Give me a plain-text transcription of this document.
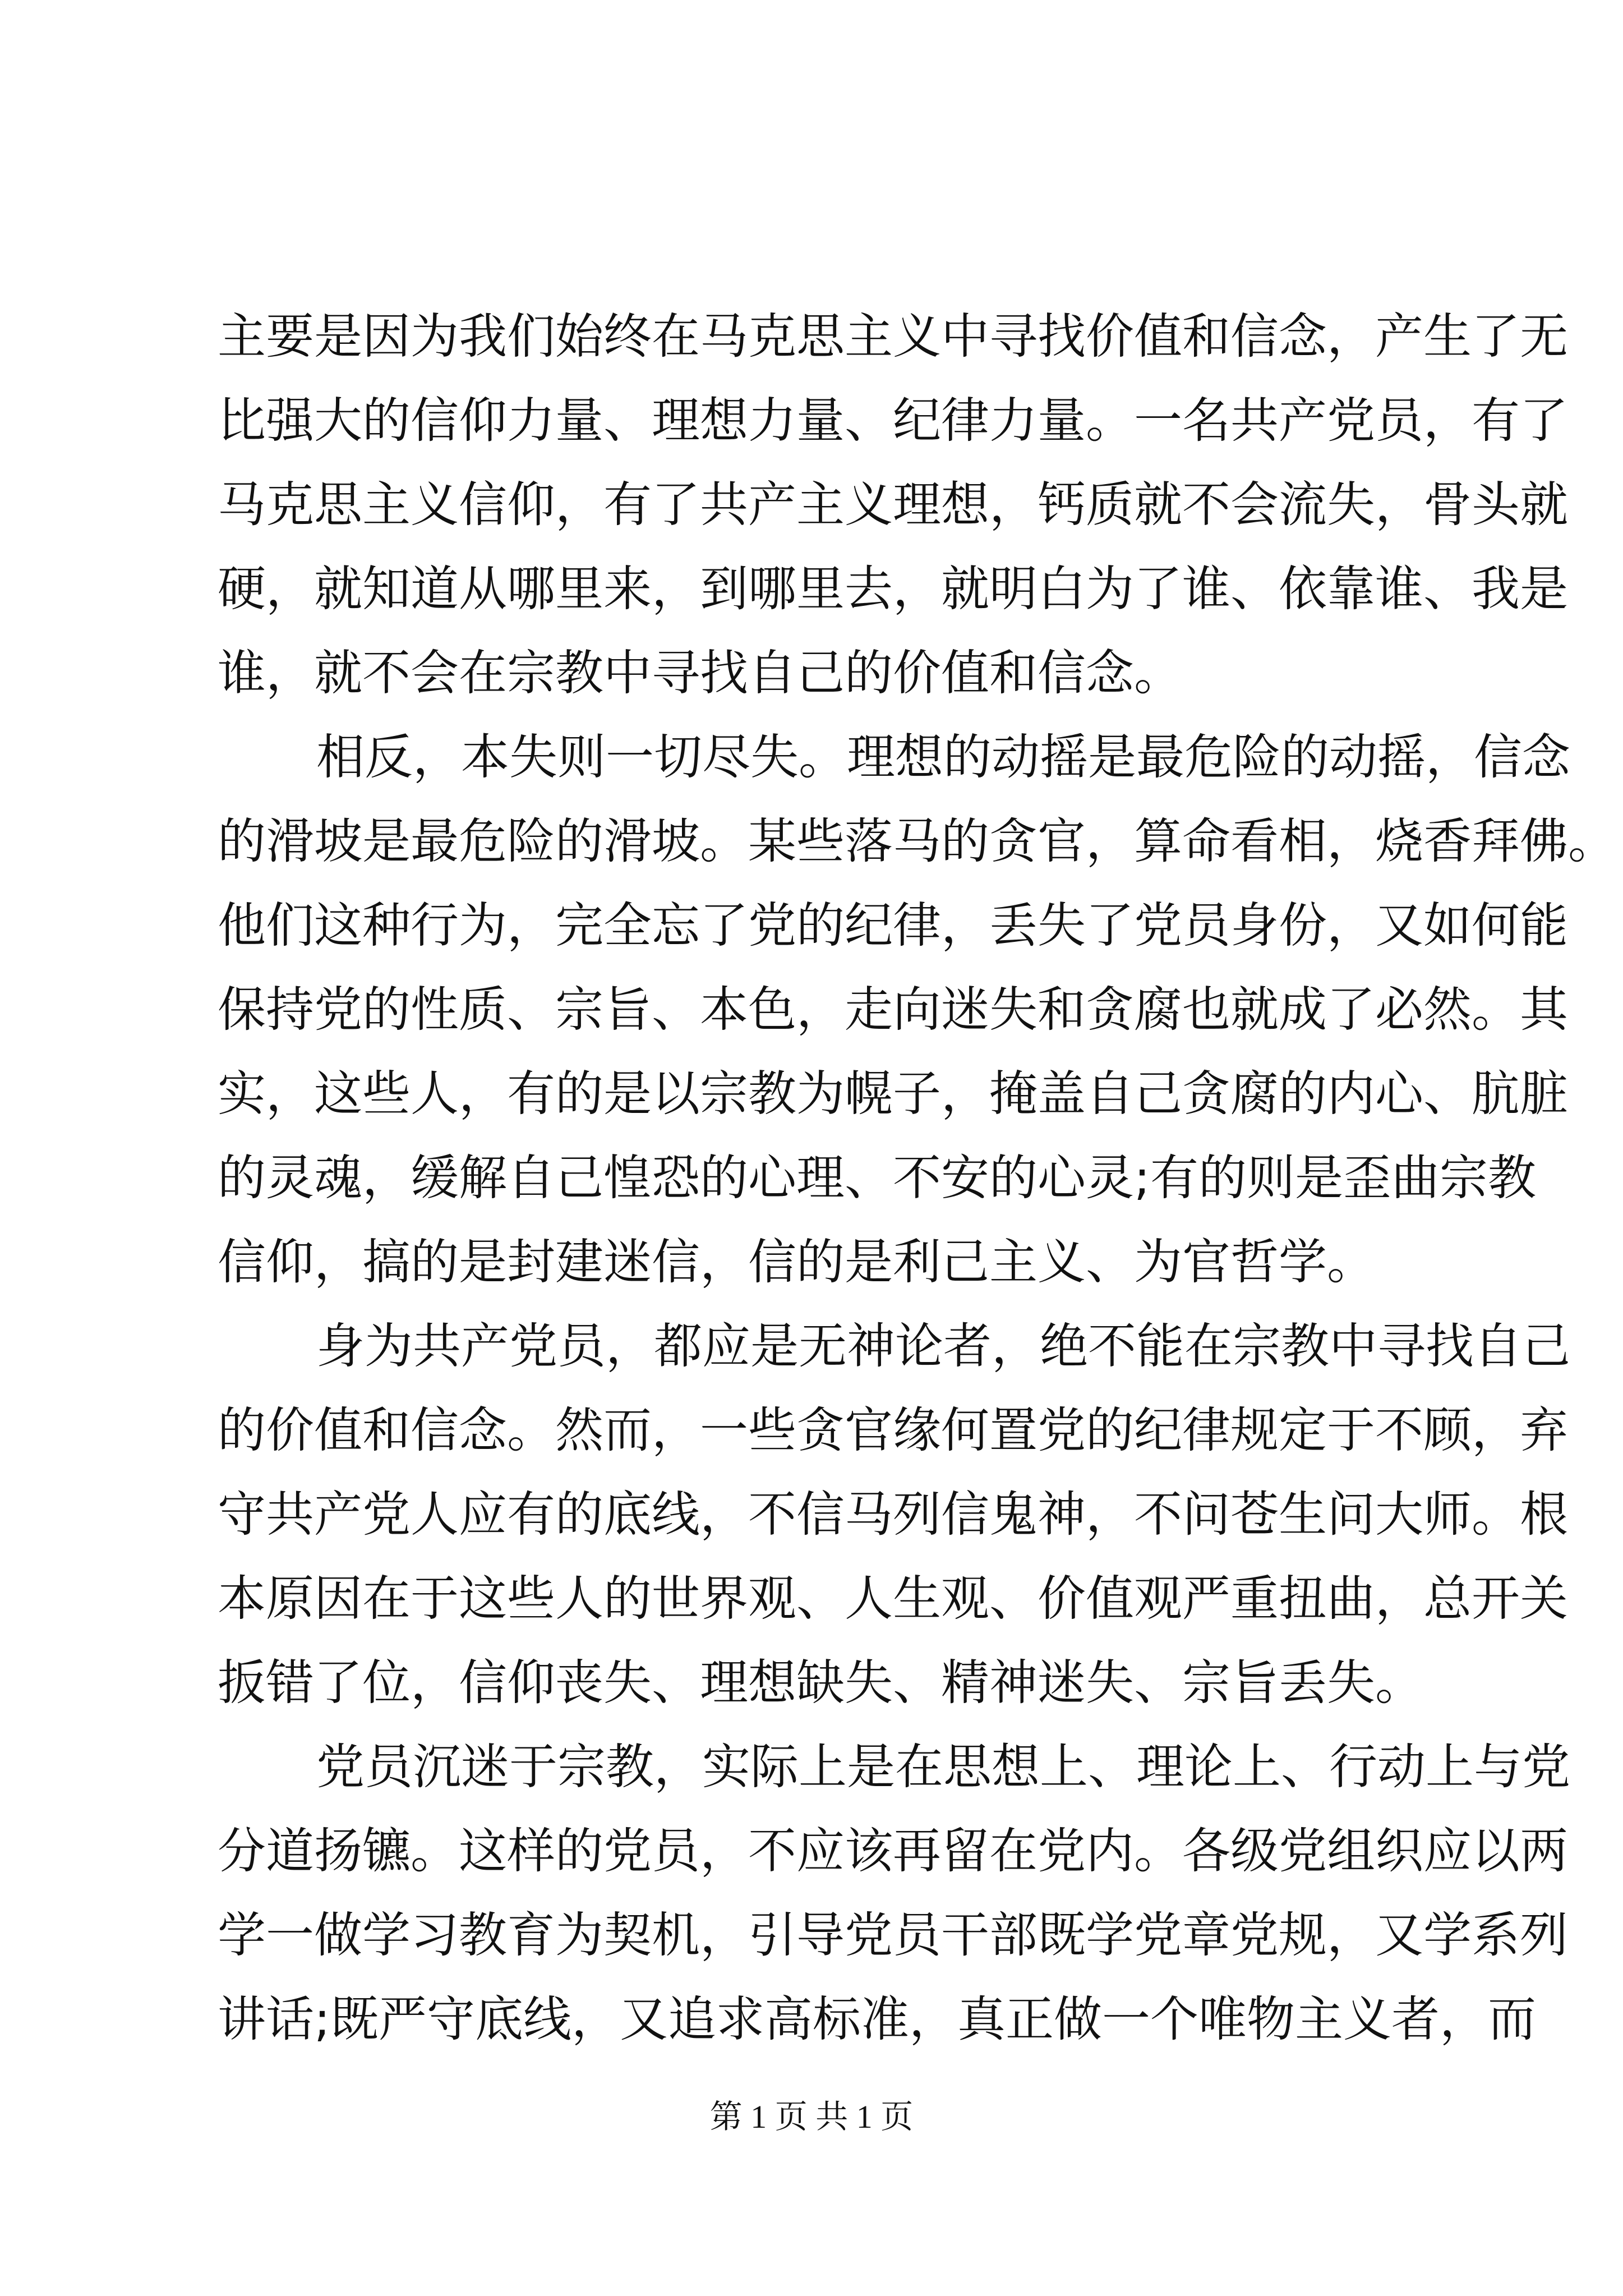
主要是因为我们始终在马克思主义中寻找价值和信念，产生了无
比强大的信仰力量、理想力量、纪律力量。一名共产党员，有了
马克思主义信仰，有了共产主义理想，钙质就不会流失，骨头就
硬，就知道从哪里来，到哪里去，就明白为了谁、依靠谁、我是
谁，就不会在宗教中寻找自己的价值和信念。
相反，本失则一切尽失。理想的动摇是最危险的动摇，信念
的滑坡是最危险的滑坡。某些落马的贪官，算命看相，烧香拜佛。
他们这种行为，完全忘了党的纪律，丢失了党员身份，又如何能
保持党的性质、宗旨、本色，走向迷失和贪腐也就成了必然。其
实，这些人，有的是以宗教为幌子，掩盖自己贪腐的内心、肮脏
的灵魂，缓解自己惶恐的心理、不安的心灵;有的则是歪曲宗教
信仰，搞的是封建迷信，信的是利己主义、为官哲学。
身为共产党员，都应是无神论者，绝不能在宗教中寻找自己
的价值和信念。然而，一些贪官缘何置党的纪律规定于不顾，弃
守共产党人应有的底线，不信马列信鬼神，不问苍生问大师。根
本原因在于这些人的世界观、人生观、价值观严重扭曲，总开关
扳错了位，信仰丧失、理想缺失、精神迷失、宗旨丢失。
党员沉迷于宗教，实际上是在思想上、理论上、行动上与党
分道扬镳。这样的党员，不应该再留在党内。各级党组织应以两
学一做学习教育为契机，引导党员干部既学党章党规，又学系列
讲话;既严守底线，又追求高标准，真正做一个唯物主义者，而
第 1 页 共 1 页
